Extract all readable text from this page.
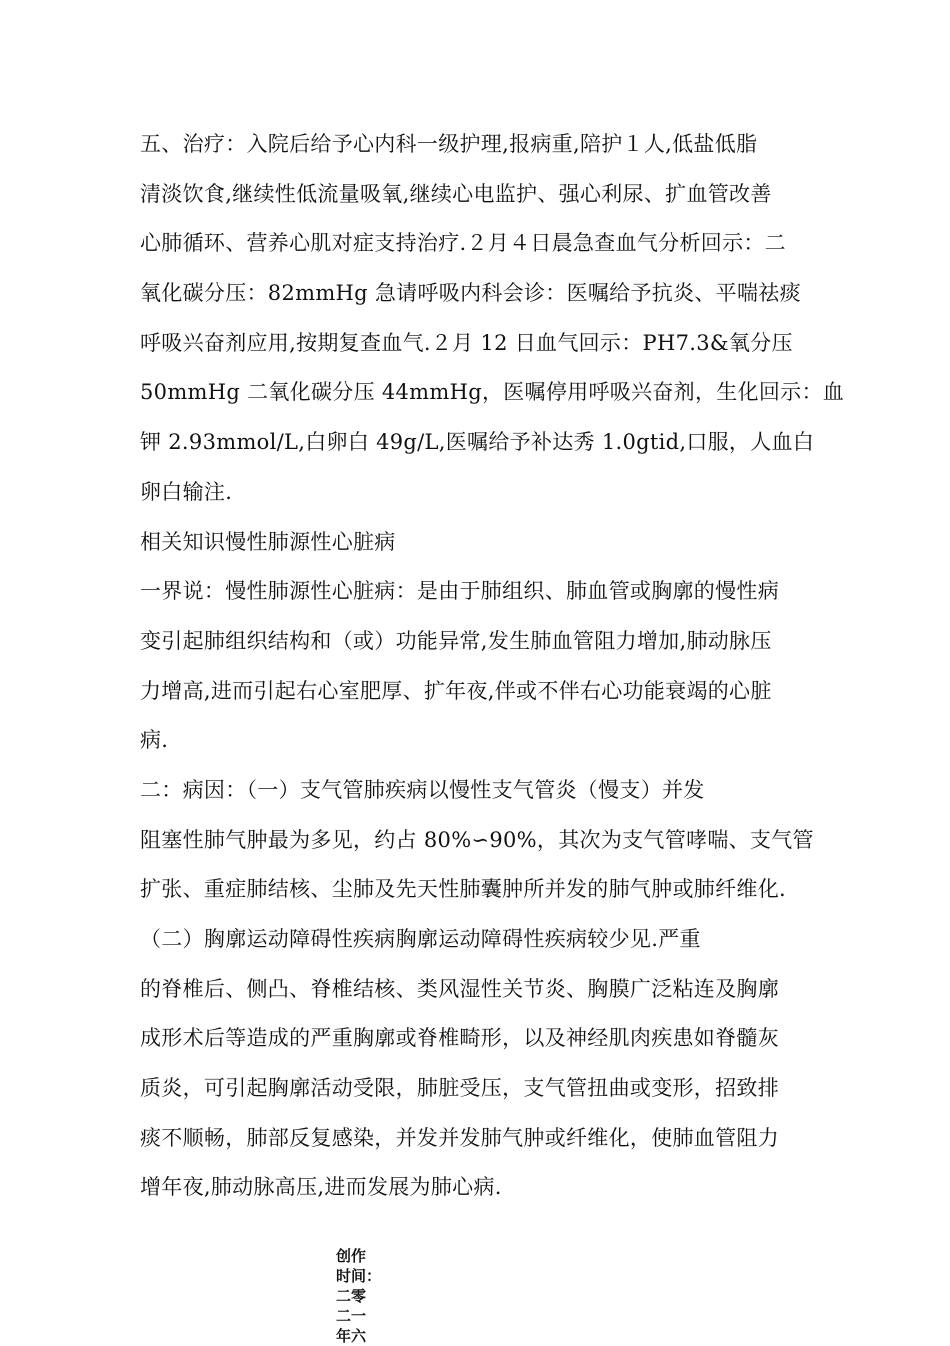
五、治疗：入院后给予心内科一级护理,报病重,陪护１人,低盐低脂
清淡饮食,继续性低流量吸氧,继续心电监护、强心利尿、扩血管改善
心肺循环、营养心肌对症支持治疗.２月４日晨急查血气分析回示：二
氧化碳分压：82mmHg 急请呼吸内科会诊：医嘱给予抗炎、平喘祛痰
呼吸兴奋剂应用,按期复查血气.２月 12 日血气回示：PH7.3&氧分压
50mmHg 二氧化碳分压 44mmHg，医嘱停用呼吸兴奋剂，生化回示：血
钾 2.93mmol/L,白卵白 49g/L,医嘱给予补达秀 1.0gtid,口服，人血白
卵白输注.
相关知识慢性肺源性心脏病
一界说：慢性肺源性心脏病：是由于肺组织、肺血管或胸廓的慢性病
变引起肺组织结构和（或）功能异常,发生肺血管阻力增加,肺动脉压
力增高,进而引起右心室肥厚、扩年夜,伴或不伴右心功能衰竭的心脏
病.
二：病因：（一）支气管肺疾病以慢性支气管炎（慢支）并发
阻塞性肺气肿最为多见，约占 80%∽90%，其次为支气管哮喘、支气管
扩张、重症肺结核、尘肺及先天性肺囊肿所并发的肺气肿或肺纤维化.
（二）胸廓运动障碍性疾病胸廓运动障碍性疾病较少见.严重
的脊椎后、侧凸、脊椎结核、类风湿性关节炎、胸膜广泛粘连及胸廓
成形术后等造成的严重胸廓或脊椎畸形，以及神经肌肉疾患如脊髓灰
质炎，可引起胸廓活动受限，肺脏受压，支气管扭曲或变形，招致排
痰不顺畅，肺部反复感染，并发并发肺气肿或纤维化，使肺血管阻力
增年夜,肺动脉高压,进而发展为肺心病.
创作
时间：
二零
二一
年六
